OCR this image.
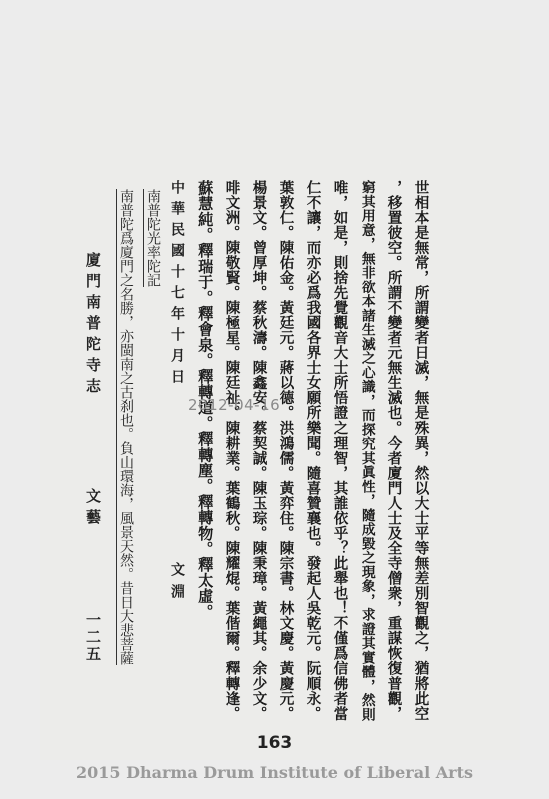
廈門南普陀寺志
文藝
一二五 南普陀爲廈門之名勝，亦閩南之古刹也。負山環海，風景天然。昔日大悲菩薩 南普陀光率陀記 中華民國十七年十月日
文淵 蘇慧純。釋瑞于。釋會泉。釋轉道。釋轉塵。釋轉物。釋太虛。 啡文洲。陳敬賢。陳極星。陳廷祉。陳耕業。葉鶴秋。陳耀焜。葉偕爾。釋轉逢。 楊景文。曾厚坤。蔡秋濤。陳鑫安。蔡契誠。陳玉琮。陳秉璋。黃繩其。余少文。 葉敦仁。陳佑金。黃廷元。蔣以德。洪鴻儒。黃弈住。陳宗書。林文慶。黃慶元。 仁不讓，而亦必爲我國各界士女願所樂聞。隨喜贊襄也。發起人吳乾元。阮順永。 唯，如是，則捨先覺觀音大士所悟證之理智，其誰依乎？此舉也！不僅爲信佛者當 窮其用意，無非欲本諸生滅之心識，而探究其眞性，隨成毀之現象，求證其實體，然則 ，移置彼空。所謂不變者元無生滅也。今者廈門人士及全寺僧衆，重謀恢復普觀， 世相本是無常，所謂變者日滅，無是殊異，然以大士平等無差別智觀之，猶將此空
2012-04-16
163
2015 Dharma Drum Institute of Liberal Arts
